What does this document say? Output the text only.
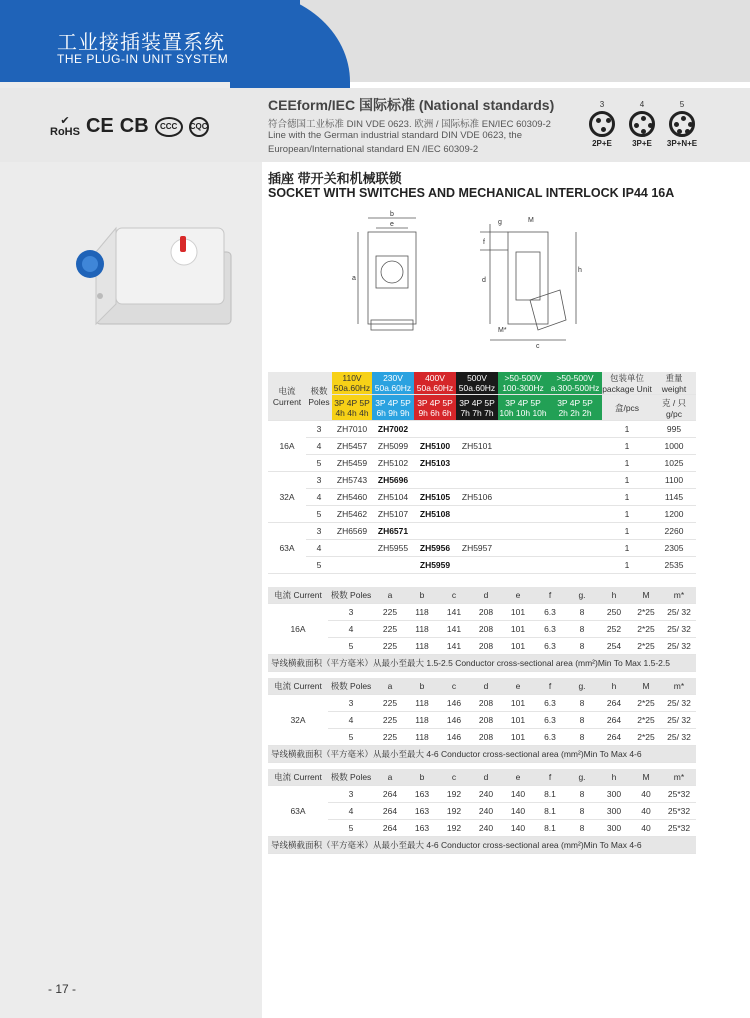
工业接插装置系统
THE PLUG-IN UNIT SYSTEM
✔
RoHS CE CB	CCC	CQC
CEEform/IEC 国际标准 (National standards)
符合德国工业标准 DIN VDE 0623. 欧洲 / 国际标准 EN/IEC 60309-2
Line with the German industrial standard DIN VDE 0623, the
European/International standard EN /IEC 60309-2
3
2P+E
4
3P+E
5
3P+N+E
插座 带开关和机械联锁
SOCKET WITH SWITCHES AND MECHANICAL INTERLOCK IP44 16A
b
e
a
g	M
f
d
h
c
M*
电流
Current	极数
Poles	110V
50a.60Hz	230V
50a.60Hz	400V
50a.60Hz	500V
50a.60Hz	>50-500V
100-300Hz	>50-500V
a.300-500Hz	包装单位
package Unit	重量
weight
		3P 4P 5P
4h 4h 4h	3P 4P 5P
6h 9h 9h	3P 4P 5P
9h 6h 6h	3P 4P 5P
7h 7h 7h	3P 4P 5P
10h 10h 10h	3P 4P 5P
2h 2h 2h	盒/pcs	克 / 只
g/pc
16A	3	ZH7010	ZH7002					1	995
	4	ZH5457	ZH5099	ZH5100	ZH5101			1	1000
	5	ZH5459	ZH5102	ZH5103				1	1025
32A	3	ZH5743	ZH5696					1	1100
	4	ZH5460	ZH5104	ZH5105	ZH5106			1	1145
	5	ZH5462	ZH5107	ZH5108				1	1200
63A	3	ZH6569	ZH6571					1	2260
	4		ZH5955	ZH5956	ZH5957			1	2305
	5			ZH5959				1	2535
电流 Current	极数 Poles	a	b	c	d	e	f	g.	h	M	m*
16A	3	225	118	141	208	101	6.3	8	250	2*25	25/ 32
	4	225	118	141	208	101	6.3	8	252	2*25	25/ 32
	5	225	118	141	208	101	6.3	8	254	2*25	25/ 32
导线横截面积（平方毫米）从最小至最大 1.5-2.5 Conductor cross-sectional area (mm²)Min To Max 1.5-2.5											
电流 Current	极数 Poles	a	b	c	d	e	f	g.	h	M	m*
32A	3	225	118	146	208	101	6.3	8	264	2*25	25/ 32
	4	225	118	146	208	101	6.3	8	264	2*25	25/ 32
	5	225	118	146	208	101	6.3	8	264	2*25	25/ 32
导线横截面积（平方毫米）从最小至最大 4-6 Conductor cross-sectional area (mm²)Min To Max 4-6											
电流 Current	极数 Poles	a	b	c	d	e	f	g.	h	M	m*
63A	3	264	163	192	240	140	8.1	8	300	40	25*32
	4	264	163	192	240	140	8.1	8	300	40	25*32
	5	264	163	192	240	140	8.1	8	300	40	25*32
导线横截面积（平方毫米）从最小至最大 4-6 Conductor cross-sectional area (mm²)Min To Max 4-6											
- 17 -
